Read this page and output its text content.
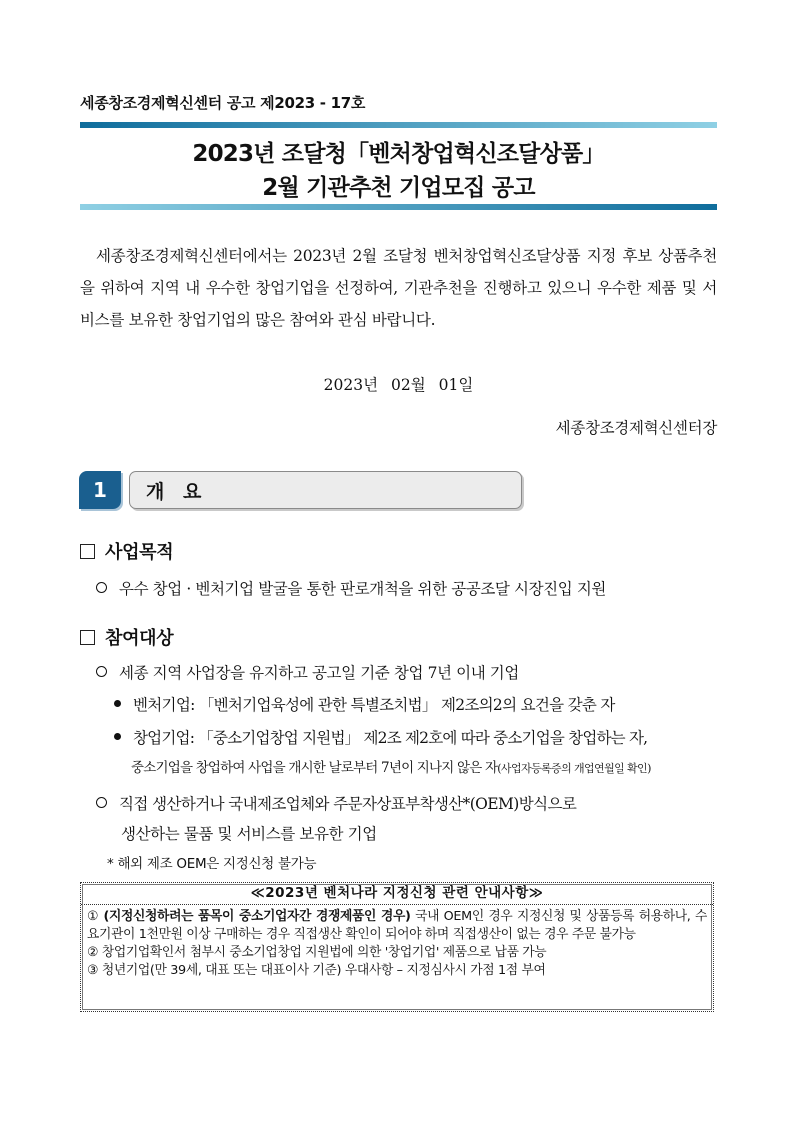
세종창조경제혁신센터 공고 제2023 - 17호
2023년 조달청「벤처창업혁신조달상품」
2월 기관추천 기업모집 공고

세종창조경제혁신센터에서는 2023년 2월 조달청 벤처창업혁신조달상품 지정 후보 상품추천을 위하여 지역 내 우수한 창업기업을 선정하여, 기관추천을 진행하고 있으니 우수한 제품 및 서비스를 보유한 창업기업의 많은 참여와 관심 바랍니다.

2023년 02월 01일
세종창조경제혁신센터장
1	개 요
사업목적
우수 창업 · 벤처기업 발굴을 통한 판로개척을 위한 공공조달 시장진입 지원
참여대상
세종 지역 사업장을 유지하고 공고일 기준 창업 7년 이내 기업
벤처기업: 「벤처기업육성에 관한 특별조치법」 제2조의2의 요건을 갖춘 자
창업기업: 「중소기업창업 지원법」 제2조 제2호에 따라 중소기업을 창업하는 자,
중소기업을 창업하여 사업을 개시한 날로부터 7년이 지나지 않은 자(사업자등록증의 개업연월일 확인)
직접 생산하거나 국내제조업체와 주문자상표부착생산*(OEM)방식으로
생산하는 물품 및 서비스를 보유한 기업
* 해외 제조 OEM은 지정신청 불가능
≪2023년 벤처나라 지정신청 관련 안내사항≫
① (지정신청하려는 품목이 중소기업자간 경쟁제품인 경우) 국내 OEM인 경우 지정신청 및 상품등록 허용하나, 수요기관이 1천만원 이상 구매하는 경우 직접생산 확인이 되어야 하며 직접생산이 없는 경우 주문 불가능
② 창업기업확인서 첨부시 중소기업창업 지원법에 의한 '창업기업' 제품으로 납품 가능
③ 청년기업(만 39세, 대표 또는 대표이사 기준) 우대사항 – 지정심사시 가점 1점 부여
